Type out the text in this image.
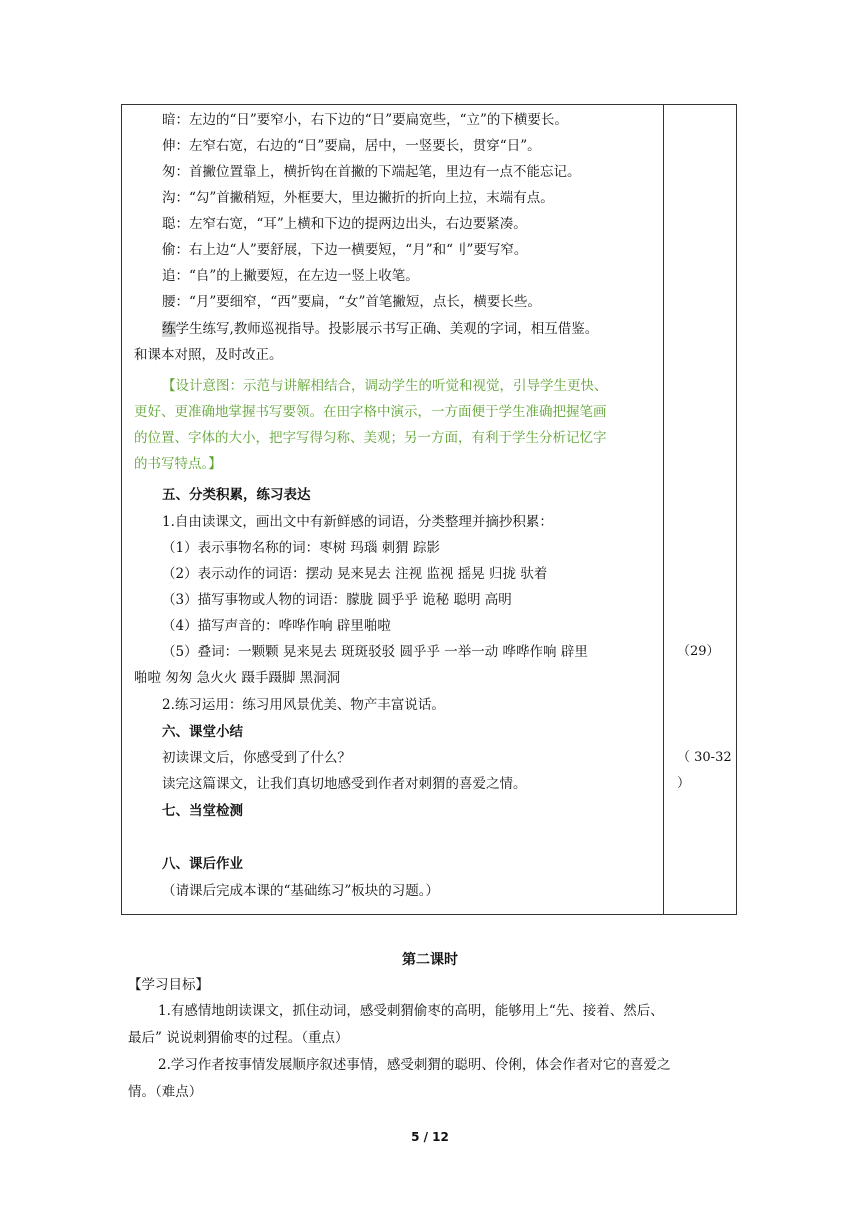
暗：左边的“日”要窄小，右下边的“日”要扁宽些，“立”的下横要长。
伸：左窄右宽，右边的“日”要扁，居中，一竖要长，贯穿“日”。
匆：首撇位置靠上，横折钩在首撇的下端起笔，里边有一点不能忘记。
沟：“勾”首撇稍短，外框要大，里边撇折的折向上拉，末端有点。
聪：左窄右宽，“耳”上横和下边的提两边出头，右边要紧凑。
偷：右上边“人”要舒展，下边一横要短，“月”和“刂”要写窄。
追：“𠂤”的上撇要短，在左边一竖上收笔。
腰：“月”要细窄，“西”要扁，“女”首笔撇短，点长，横要长些。
练学生练写,教师巡视指导。投影展示书写正确、美观的字词，相互借鉴。
和课本对照，及时改正。
【设计意图：示范与讲解相结合，调动学生的听觉和视觉，引导学生更快、
更好、更准确地掌握书写要领。在田字格中演示，一方面便于学生准确把握笔画
的位置、字体的大小，把字写得匀称、美观；另一方面，有利于学生分析记忆字
的书写特点。】
五、分类积累，练习表达
1.自由读课文，画出文中有新鲜感的词语，分类整理并摘抄积累：
（1）表示事物名称的词：枣树 玛瑙 刺猬 踪影
（2）表示动作的词语：摆动 晃来晃去 注视 监视 摇晃 归拢 驮着
（3）描写事物或人物的词语：朦胧 圆乎乎 诡秘 聪明 高明
（4）描写声音的：哗哗作响 辟里啪啦
（5）叠词：一颗颗 晃来晃去 斑斑驳驳 圆乎乎 一举一动 哗哗作响 辟里
啪啦 匆匆 急火火 蹑手蹑脚 黑洞洞
2.练习运用：练习用风景优美、物产丰富说话。
六、课堂小结
初读课文后，你感受到了什么？
读完这篇课文，让我们真切地感受到作者对刺猬的喜爱之情。
七、当堂检测
八、课后作业
（请课后完成本课的“基础练习”板块的习题。）
（29）
（ 30-32
）
第二课时
【学习目标】
1.有感情地朗读课文，抓住动词，感受刺猬偷枣的高明，能够用上“先、接着、然后、
最后” 说说刺猬偷枣的过程。（重点）
2.学习作者按事情发展顺序叙述事情，感受刺猬的聪明、伶俐，体会作者对它的喜爱之
情。（难点）
5 / 12
